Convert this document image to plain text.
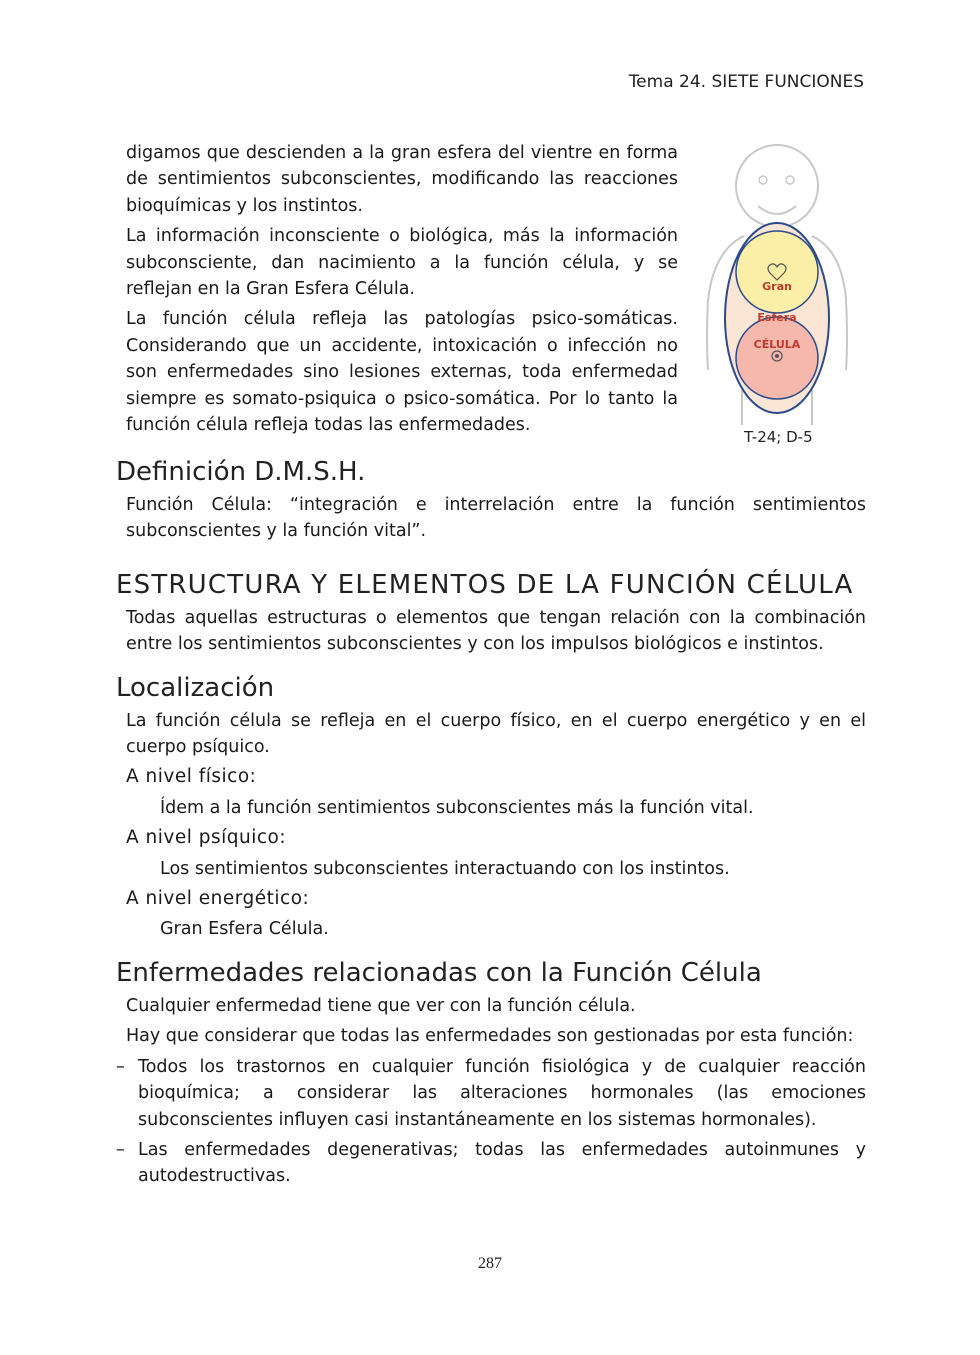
Tema 24. SIETE FUNCIONES

digamos que descienden a la gran esfera del vientre en forma de sentimientos subconscientes, modificando las reacciones bioquímicas y los instintos.

La información inconsciente o biológica, más la información subconsciente, dan nacimiento a la función célula, y se reflejan en la Gran Esfera Célula.

La función célula refleja las patologías psico-somáticas. Considerando que un accidente, intoxicación o infección no son enfermedades sino lesiones externas, toda enfermedad siempre es somato-psiquica o psico-somática. Por lo tanto la función célula refleja todas las enfermedades.

Gran
Esfera
CÉLULA
T-24; D-5
Definición D.M.S.H.

Función Célula: “integración e interrelación entre la función sentimientos subconscientes y la función vital”.

ESTRUCTURA Y ELEMENTOS DE LA FUNCIÓN CÉLULA

Todas aquellas estructuras o elementos que tengan relación con la combinación entre los sentimientos subconscientes y con los impulsos biológicos e instintos.

Localización

La función célula se refleja en el cuerpo físico, en el cuerpo energético y en el cuerpo psíquico.

A nivel físico:
Ídem a la función sentimientos subconscientes más la función vital.
A nivel psíquico:
Los sentimientos subconscientes interactuando con los instintos.
A nivel energético:
Gran Esfera Célula.
Enfermedades relacionadas con la Función Célula

Cualquier enfermedad tiene que ver con la función célula.

Hay que considerar que todas las enfermedades son gestionadas por esta función:

– Todos los trastornos en cualquier función fisiológica y de cualquier reacción bioquímica; a considerar las alteraciones hormonales (las emociones subconscientes influyen casi instantáneamente en los sistemas hormonales).
– Las enfermedades degenerativas; todas las enfermedades autoinmunes y autodestructivas.
287
